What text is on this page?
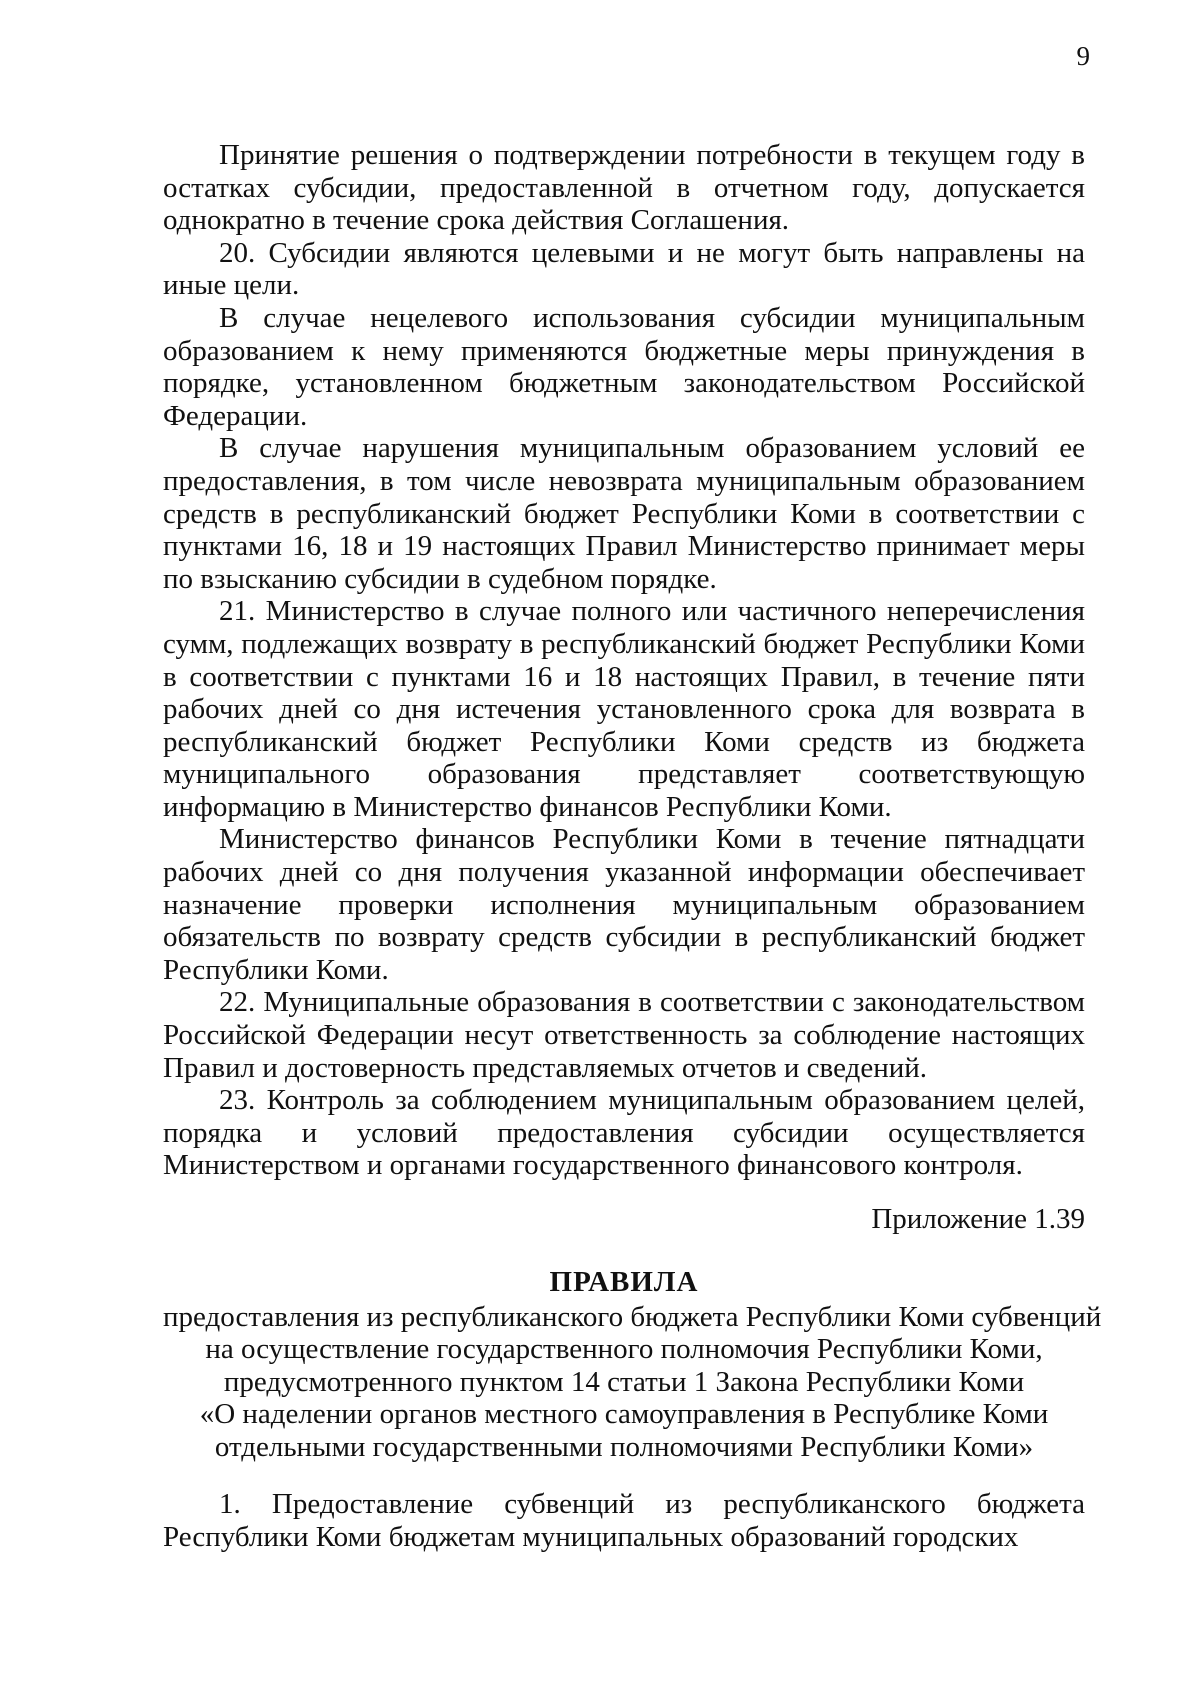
9

Принятие решения о подтверждении потребности в текущем году в остатках субсидии, предоставленной в отчетном году, допускается однократно в течение срока действия Соглашения.

20. Субсидии являются целевыми и не могут быть направлены на иные цели.

В случае нецелевого использования субсидии муниципальным образованием к нему применяются бюджетные меры принуждения в порядке, установленном бюджетным законодательством Российской Федерации.

В случае нарушения муниципальным образованием условий ее предоставления, в том числе невозврата муниципальным образованием средств в республиканский бюджет Республики Коми в соответствии с пунктами 16, 18 и 19 настоящих Правил Министерство принимает меры по взысканию субсидии в судебном порядке.

21. Министерство в случае полного или частичного неперечисления сумм, подлежащих возврату в республиканский бюджет Республики Коми в соответствии с пунктами 16 и 18 настоящих Правил, в течение пяти рабочих дней со дня истечения установленного срока для возврата в республиканский бюджет Республики Коми средств из бюджета муниципального образования представляет соответствующую информацию в Министерство финансов Республики Коми.

Министерство финансов Республики Коми в течение пятнадцати рабочих дней со дня получения указанной информации обеспечивает назначение проверки исполнения муниципальным образованием обязательств по возврату средств субсидии в республиканский бюджет Республики Коми.

22. Муниципальные образования в соответствии с законодательством Российской Федерации несут ответственность за соблюдение настоящих Правил и достоверность представляемых отчетов и сведений.

23. Контроль за соблюдением муниципальным образованием целей, порядка и условий предоставления субсидии осуществляется Министерством и органами государственного финансового контроля.

Приложение 1.39

ПРАВИЛА

предоставления из республиканского бюджета Республики Коми субвенций

на осуществление государственного полномочия Республики Коми,

предусмотренного пунктом 14 статьи 1 Закона Республики Коми

«О наделении органов местного самоуправления в Республике Коми

отдельными государственными полномочиями Республики Коми»

1. Предоставление субвенций из республиканского бюджета Республики Коми бюджетам муниципальных образований городских
